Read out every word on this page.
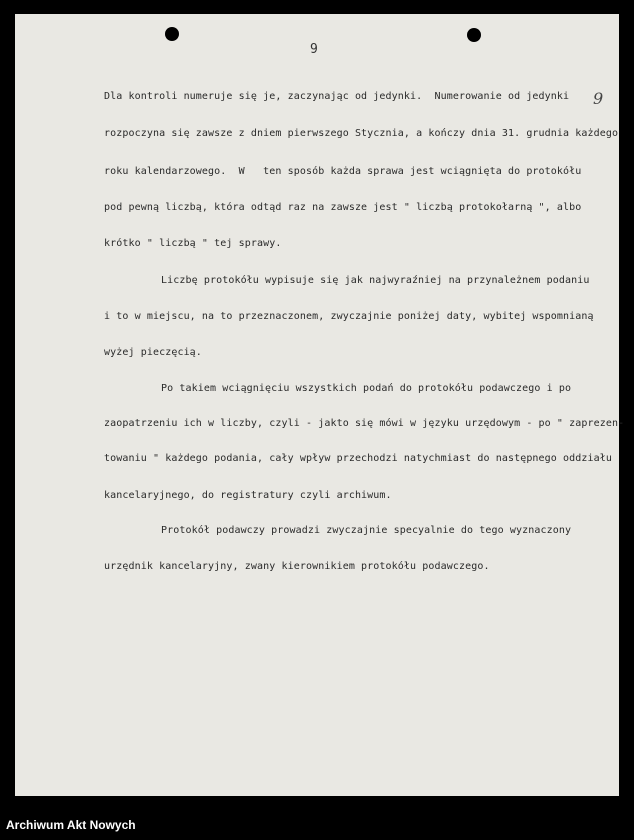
9
9

Dla kontroli numeruje się je, zaczynając od jedynki.  Numerowanie od jedynki

rozpoczyna się zawsze z dniem pierwszego Stycznia, a kończy dnia 31. grudnia każdego

roku kalendarzowego.  W   ten sposób każda sprawa jest wciągnięta do protokółu

pod pewną liczbą, która odtąd raz na zawsze jest " liczbą protokołarną ", albo

krótko " liczbą " tej sprawy.

Liczbę protokółu wypisuje się jak najwyraźniej na przynależnem podaniu

i to w miejscu, na to przeznaczonem, zwyczajnie poniżej daty, wybitej wspomnianą

wyżej pieczęcią.

Po takiem wciągnięciu wszystkich podań do protokółu podawczego i po

zaopatrzeniu ich w liczby, czyli - jakto się mówi w języku urzędowym - po " zaprezen-

towaniu " każdego podania, cały wpływ przechodzi natychmiast do następnego oddziału

kancelaryjnego, do registratury czyli archiwum.

Protokół podawczy prowadzi zwyczajnie specyalnie do tego wyznaczony

urzędnik kancelaryjny, zwany kierownikiem protokółu podawczego.

Archiwum Akt Nowych
